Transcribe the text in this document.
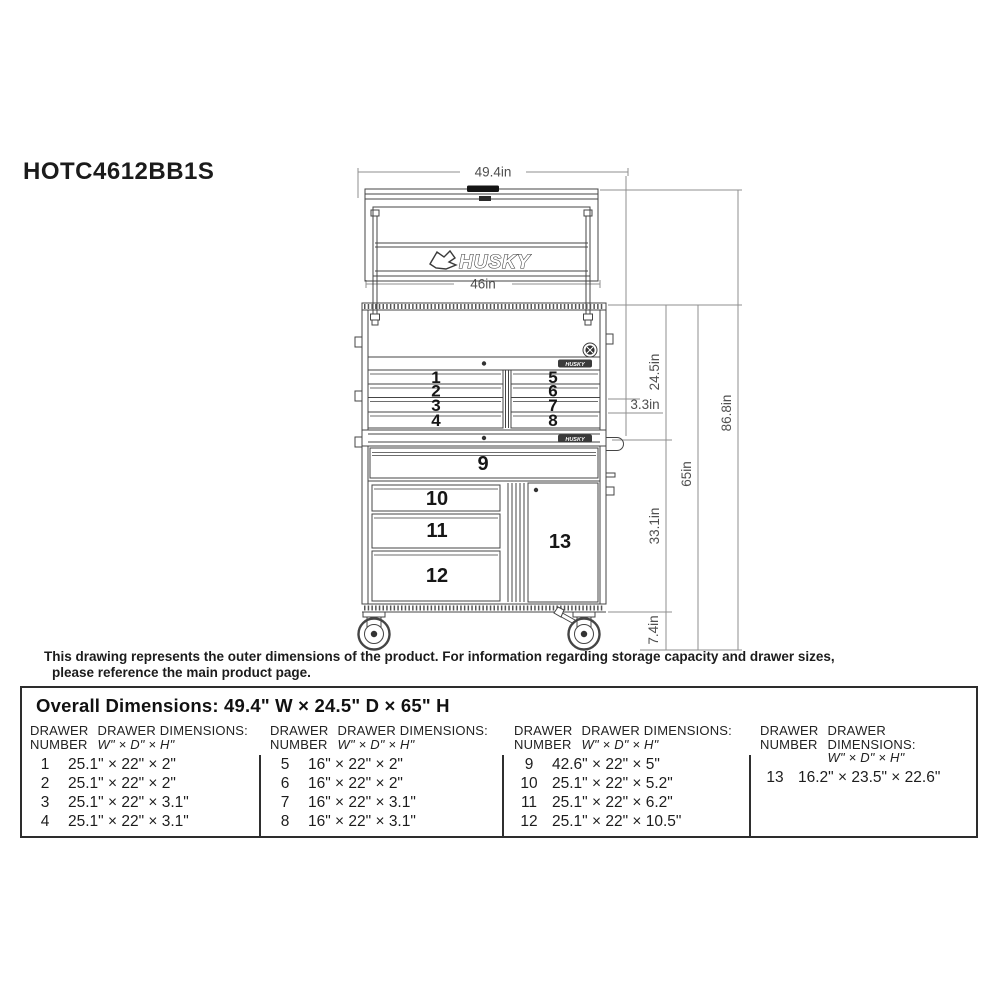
HOTC4612BB1S	49.4in
46in
24.5in
3.3in
33.1in
7.4in
65in
86.8in
HUSKY
HUSKY
HUSKY
1
2
3
4
5
6
7
8
9
10
11
12
13
This drawing represents the outer dimensions of the product. For information regarding storage capacity and drawer sizes,
please reference the main product page.
Overall Dimensions: 49.4" W × 24.5" D × 65" H
DRAWER
NUMBER
DRAWER DIMENSIONS:
W" × D" × H"
1	25.1" × 22" × 2"
2	25.1" × 22" × 2"
3	25.1" × 22" × 3.1"
4	25.1" × 22" × 3.1"
DRAWER
NUMBER
DRAWER DIMENSIONS:
W" × D" × H"
5	16" × 22" × 2"
6	16" × 22" × 2"
7	16" × 22" × 3.1"
8	16" × 22" × 3.1"
DRAWER
NUMBER
DRAWER DIMENSIONS:
W" × D" × H"
9	42.6" × 22" × 5"
10 25.1" × 22" × 5.2"
11 25.1" × 22" × 6.2"
12 25.1" × 22" × 10.5"
DRAWER
NUMBER
DRAWER DIMENSIONS:
W" × D" × H"
13 16.2" × 23.5" × 22.6"
